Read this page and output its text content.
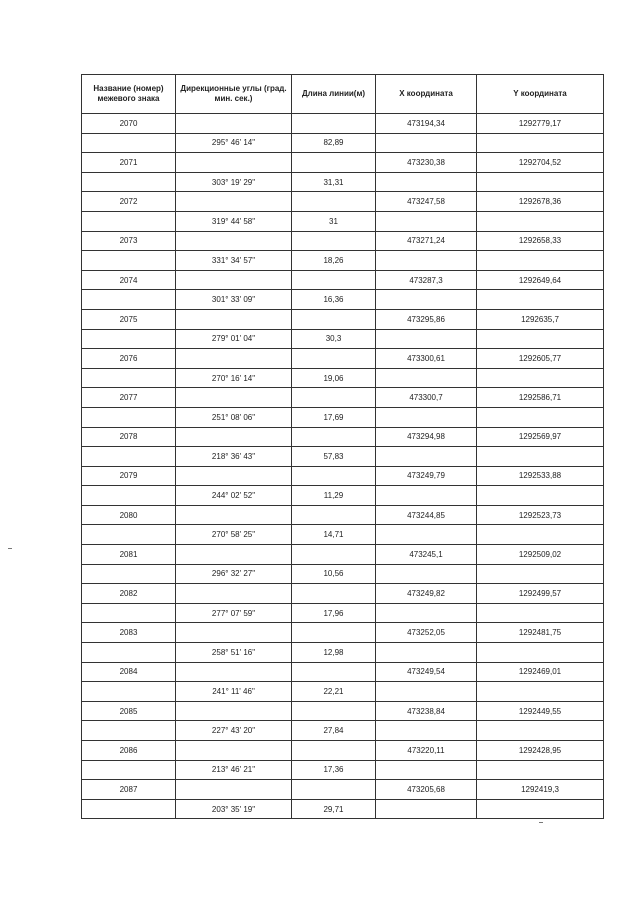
Название (номер) межевого знака	Дирекционные углы (град. мин. сек.)	Длина линии(м)	X координата	Y координата
2070			473194,34	1292779,17
	295° 46' 14"	82,89		
2071			473230,38	1292704,52
	303° 19' 29"	31,31		
2072			473247,58	1292678,36
	319° 44' 58"	31		
2073			473271,24	1292658,33
	331° 34' 57"	18,26		
2074			473287,3	1292649,64
	301° 33' 09"	16,36		
2075			473295,86	1292635,7
	279° 01' 04"	30,3		
2076			473300,61	1292605,77
	270° 16' 14"	19,06		
2077			473300,7	1292586,71
	251° 08' 06"	17,69		
2078			473294,98	1292569,97
	218° 36' 43"	57,83		
2079			473249,79	1292533,88
	244° 02' 52"	11,29		
2080			473244,85	1292523,73
	270° 58' 25"	14,71		
2081			473245,1	1292509,02
	296° 32' 27"	10,56		
2082			473249,82	1292499,57
	277° 07' 59"	17,96		
2083			473252,05	1292481,75
	258° 51' 16"	12,98		
2084			473249,54	1292469,01
	241° 11' 46"	22,21		
2085			473238,84	1292449,55
	227° 43' 20"	27,84		
2086			473220,11	1292428,95
	213° 46' 21"	17,36		
2087			473205,68	1292419,3
	203° 35' 19"	29,71		
